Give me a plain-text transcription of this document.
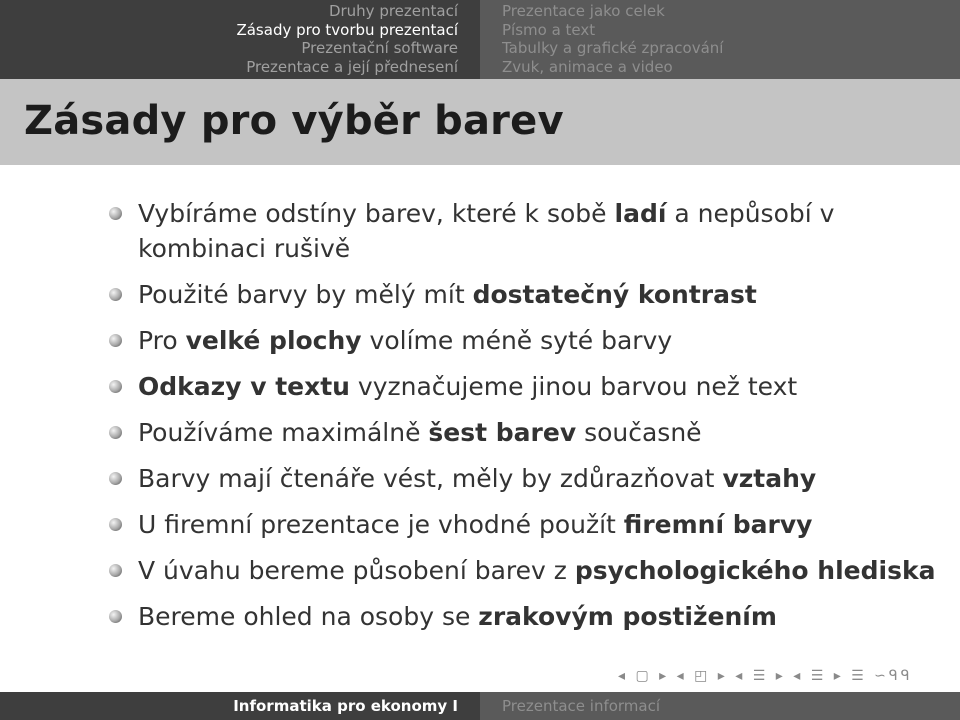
Druhy prezentací
Zásady pro tvorbu prezentací
Prezentační software
Prezentace a její přednesení
Prezentace jako celek
Písmo a text
Tabulky a grafické zpracování
Zvuk, animace a video
Zásady pro výběr barev
Vybíráme odstíny barev, které k sobě ladí a nepůsobí v kombinaci rušivě
Použité barvy by mělý mít dostatečný kontrast
Pro velké plochy volíme méně syté barvy
Odkazy v textu vyznačujeme jinou barvou než text
Používáme maximálně šest barev současně
Barvy mají čtenáře vést, měly by zdůrazňovat vztahy
U firemní prezentace je vhodné použít firemní barvy
V úvahu bereme působení barev z psychologického hlediska
Bereme ohled na osoby se zrakovým postižením
◂ ▢ ▸ ◂ ◰ ▸ ◂ ☰ ▸ ◂ ☰ ▸ ☰ ∽ᑫᑫ
Informatika pro ekonomy I	Prezentace informací
